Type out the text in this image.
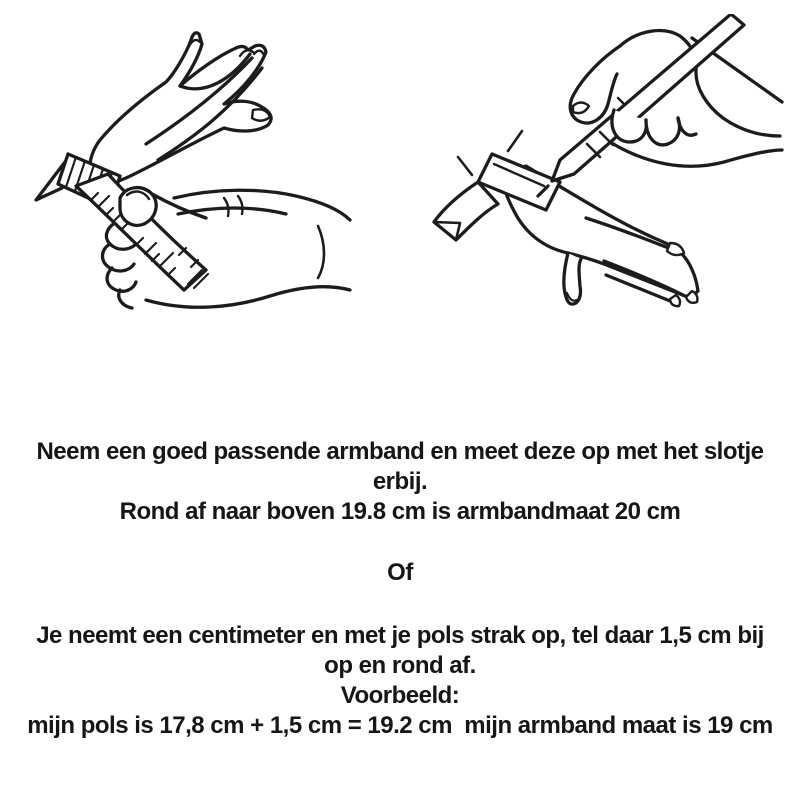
Neem een goed passende armband en meet deze op met het slotje
erbij.
Rond af naar boven 19.8 cm is armbandmaat 20 cm
Of
Je neemt een centimeter en met je pols strak op, tel daar 1,5 cm bij
op en rond af.
Voorbeeld:
mijn pols is 17,8 cm + 1,5 cm = 19.2 cm  mijn armband maat is 19 cm
